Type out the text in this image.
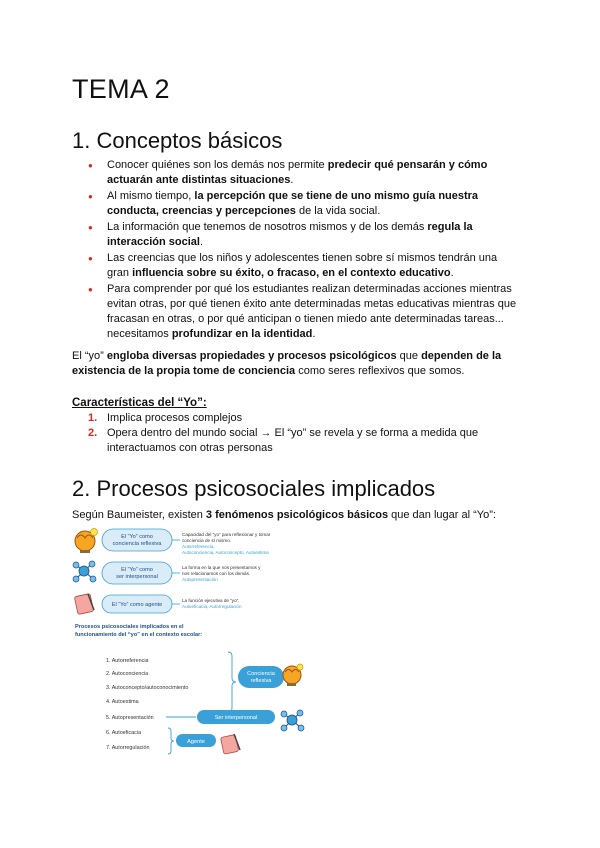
TEMA 2
1. Conceptos básicos
● Conocer quiénes son los demás nos permite predecir qué pensarán y cómo actuarán ante distintas situaciones.
● Al mismo tiempo, la percepción que se tiene de uno mismo guía nuestra conducta, creencias y percepciones de la vida social.
● La información que tenemos de nosotros mismos y de los demás regula la interacción social.
● Las creencias que los niños y adolescentes tienen sobre sí mismos tendrán una gran influencia sobre su éxito, o fracaso, en el contexto educativo.
● Para comprender por qué los estudiantes realizan determinadas acciones mientras evitan otras, por qué tienen éxito ante determinadas metas educativas mientras que fracasan en otras, o por qué anticipan o tienen miedo ante determinadas tareas... necesitamos profundizar en la identidad.

El “yo” engloba diversas propiedades y procesos psicológicos que dependen de la existencia de la propia tome de conciencia como seres reflexivos que somos.

Características del “Yo”:

1. Implica procesos complejos
2. Opera dentro del mundo social → El “yo” se revela y se forma a medida que interactuamos con otras personas
2. Procesos psicosociales implicados

Según Baumeister, existen 3 fenómenos psicológicos básicos que dan lugar al “Yo”:

El “Yo” como
conciencia reflexiva
El “Yo” como
ser interpersonal
El “Yo” como agente
Capacidad del “yo” para reflexionar y tomar
conciencia de sí mismo.
Autorreferencia,
Autoconciencia, Autoconcepto, Autoestima
La forma en la que nos presentamos y
nos relacionamos con los demás.
Autopresentación
La función ejecutiva de “yo”.
Autoeficacia, Autorregulación
Procesos psicosociales implicados en el
funcionamiento del “yo” en el contexto escolar:
1. Autorreferencia
2. Autoconciencia
3. Autoconcepto/autoconocimiento
4. Autoestima
5. Autopresentación
6. Autoeficacia
7. Autorregulación
Conciencia
reflexiva
Ser interpersonal
Agente
